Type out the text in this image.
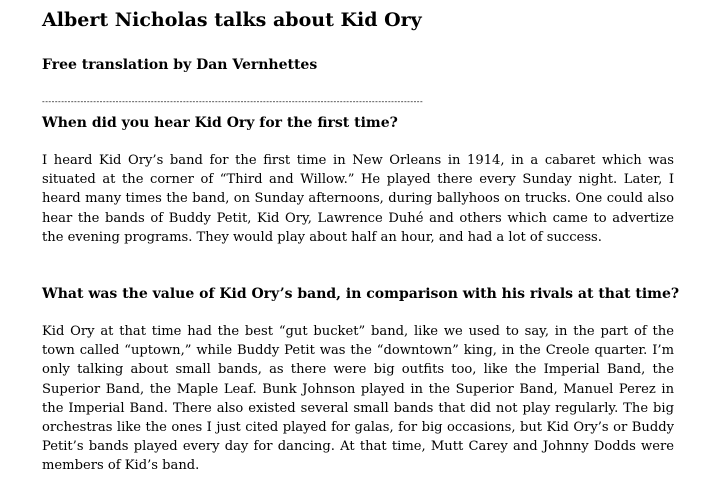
Albert Nicholas talks about Kid Ory

Free translation by Dan Vernhettes

-----------------------------------------------------------------------------------------------------------------------

When did you hear Kid Ory for the first time?

I heard Kid Ory’s band for the first time in New Orleans in 1914, in a cabaret which was situated at the corner of “Third and Willow.” He played there every Sunday night. Later, I heard many times the band, on Sunday afternoons, during ballyhoos on trucks. One could also hear the bands of Buddy Petit, Kid Ory, Lawrence Duhé and others which came to advertize the evening programs. They would play about half an hour, and had a lot of success.

What was the value of Kid Ory’s band, in comparison with his rivals at that time?

Kid Ory at that time had the best “gut bucket” band, like we used to say, in the part of the town called “uptown,” while Buddy Petit was the “downtown” king, in the Creole quarter. I’m only talking about small bands, as there were big outfits too, like the Imperial Band, the Superior Band, the Maple Leaf. Bunk Johnson played in the Superior Band, Manuel Perez in the Imperial Band. There also existed several small bands that did not play regularly. The big orchestras like the ones I just cited played for galas, for big occasions, but Kid Ory’s or Buddy Petit’s bands played every day for dancing. At that time, Mutt Carey and Johnny Dodds were members of Kid’s band.
